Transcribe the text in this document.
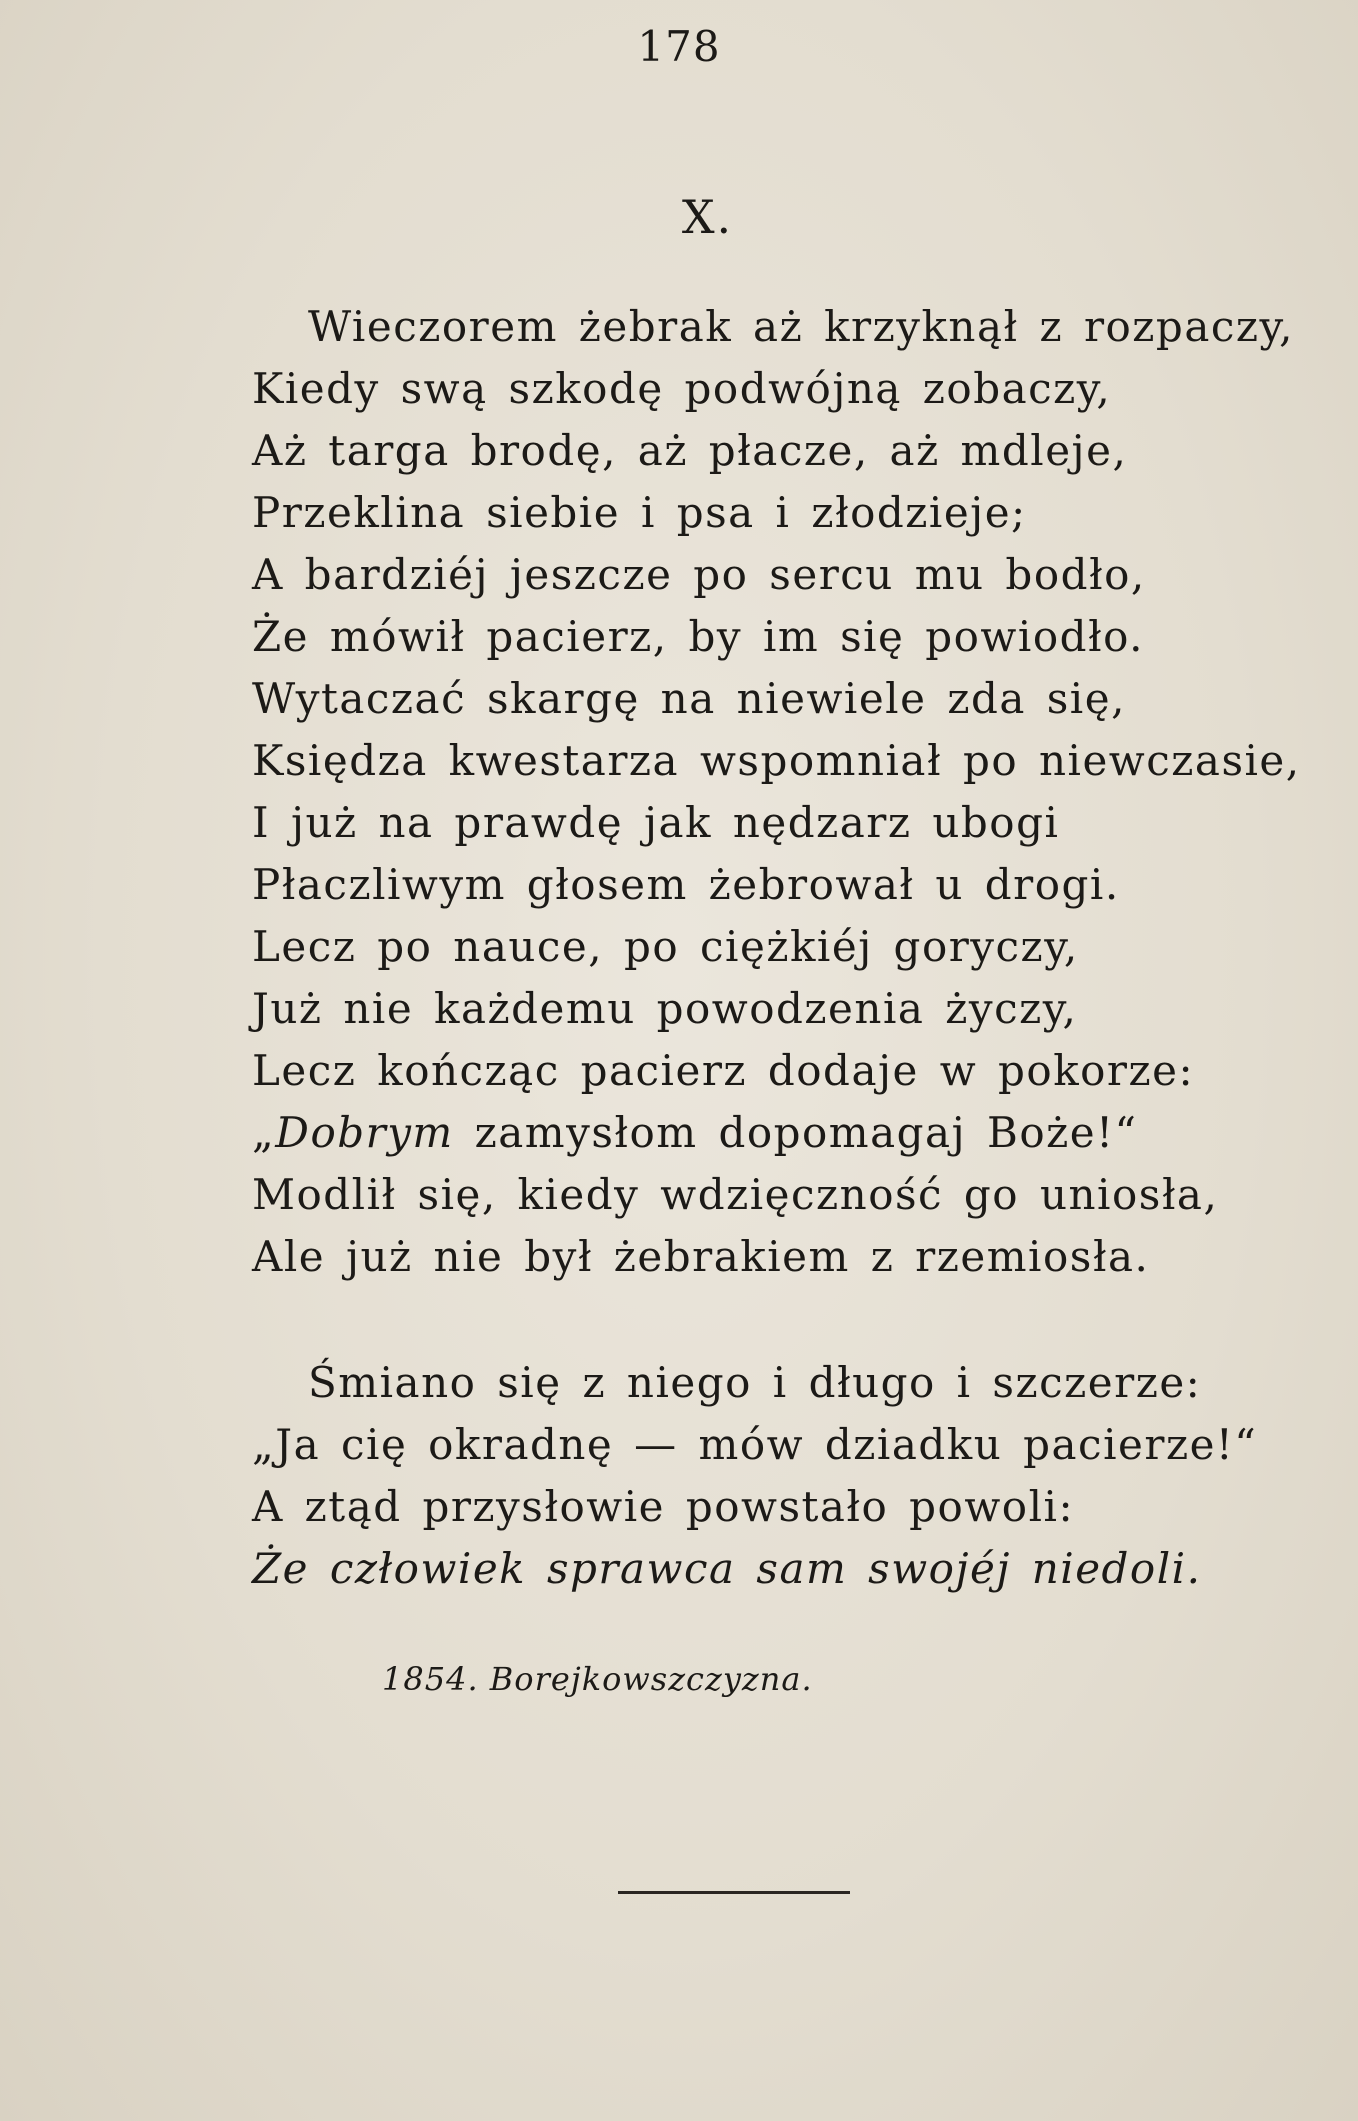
178
X.
Wieczorem żebrak aż krzyknął z rozpaczy,
Kiedy swą szkodę podwójną zobaczy,
Aż targa brodę, aż płacze, aż mdleje,
Przeklina siebie i psa i złodzieje;
A bardziéj jeszcze po sercu mu bodło,
Że mówił pacierz, by im się powiodło.
Wytaczać skargę na niewiele zda się,
Księdza kwestarza wspomniał po niewczasie,
I już na prawdę jak nędzarz ubogi
Płaczliwym głosem żebrował u drogi.
Lecz po nauce, po ciężkiéj goryczy,
Już nie każdemu powodzenia życzy,
Lecz kończąc pacierz dodaje w pokorze:
„Dobrym zamysłom dopomagaj Boże!“
Modlił się, kiedy wdzięczność go uniosła,
Ale już nie był żebrakiem z rzemiosła.
Śmiano się z niego i długo i szczerze:
„Ja cię okradnę — mów dziadku pacierze!“
A ztąd przysłowie powstało powoli:
Że człowiek sprawca sam swojéj niedoli.
1854. Borejkowszczyzna.
